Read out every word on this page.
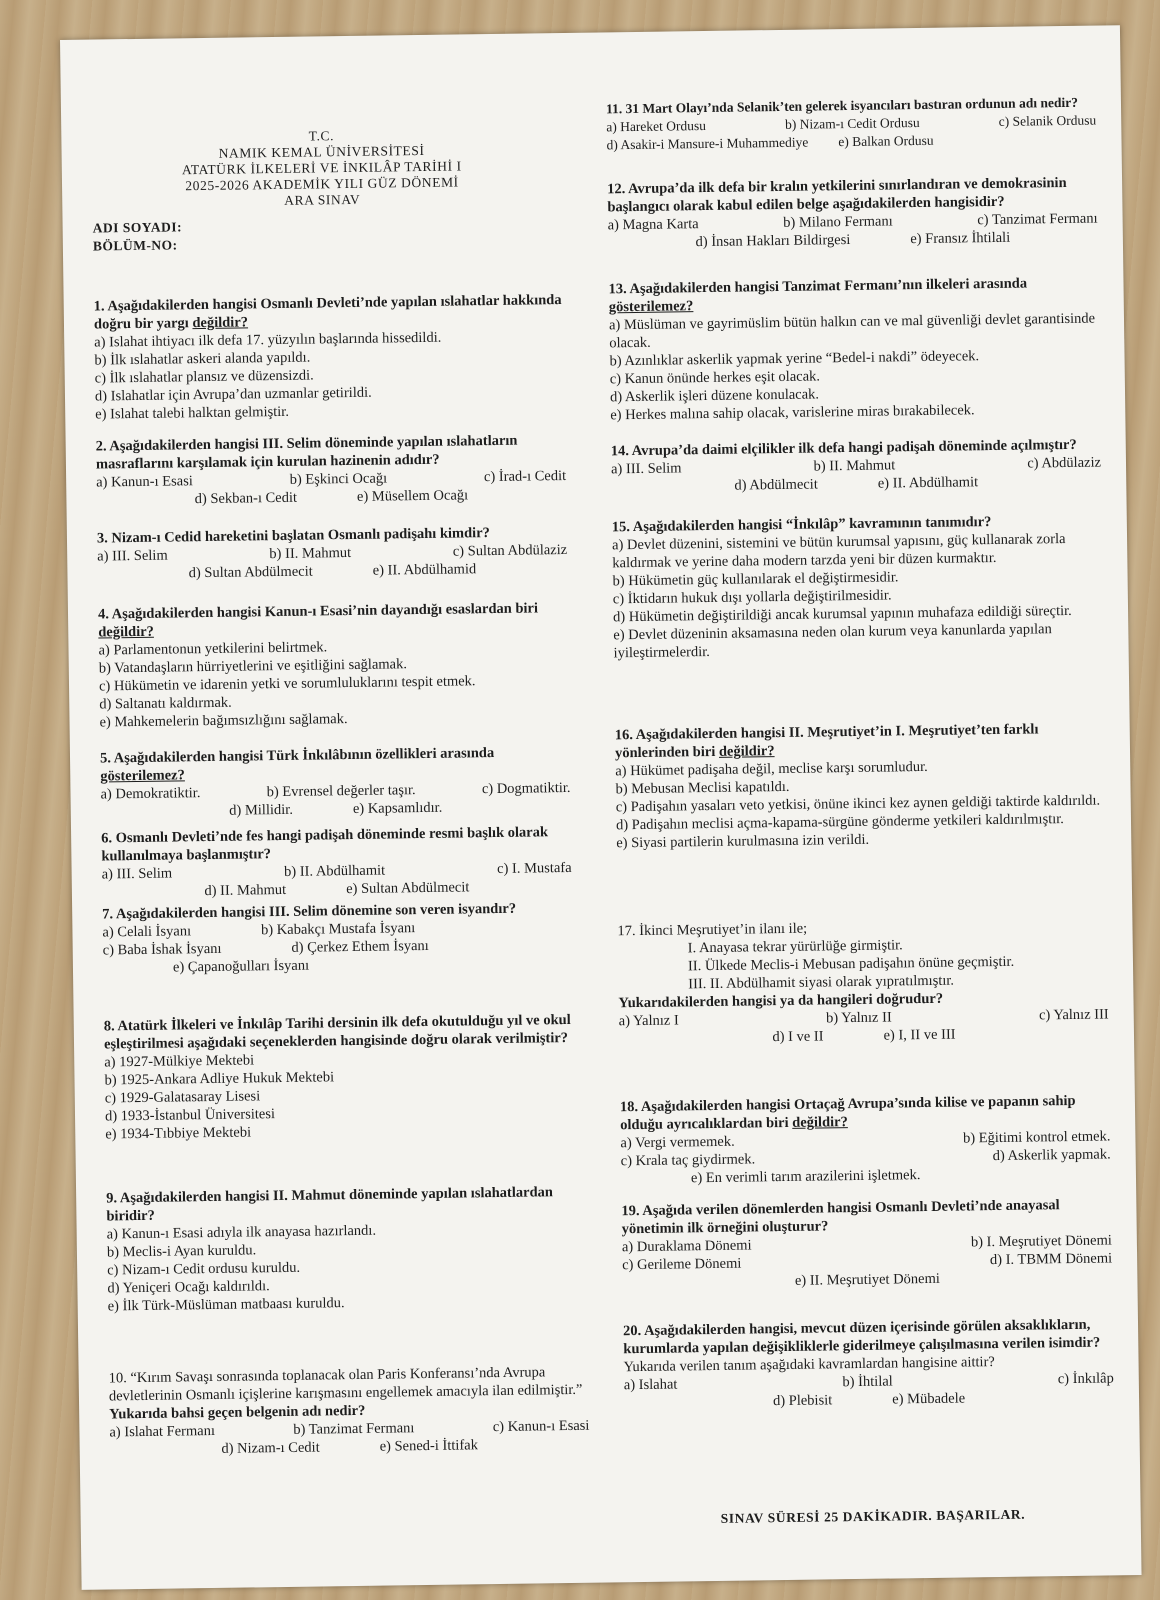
T.C.
NAMIK KEMAL ÜNİVERSİTESİ
ATATÜRK İLKELERİ VE İNKILÂP TARİHİ I
2025-2026 AKADEMİK YILI GÜZ DÖNEMİ
ARA SINAV
ADI SOYADI:
BÖLÜM-NO:
1. Aşağıdakilerden hangisi Osmanlı Devleti’nde yapılan ıslahatlar hakkında doğru bir yargı değildir?
a) Islahat ihtiyacı ilk defa 17. yüzyılın başlarında hissedildi.
b) İlk ıslahatlar askeri alanda yapıldı.
c) İlk ıslahatlar plansız ve düzensizdi.
d) Islahatlar için Avrupa’dan uzmanlar getirildi.
e) Islahat talebi halktan gelmiştir.
2. Aşağıdakilerden hangisi III. Selim döneminde yapılan ıslahatların masraflarını karşılamak için kurulan hazinenin adıdır?
a) Kanun-ı Esasi	b) Eşkinci Ocağı	c) İrad-ı Cedit
d) Sekban-ı Cedit	e) Müsellem Ocağı
3. Nizam-ı Cedid hareketini başlatan Osmanlı padişahı kimdir?
a) III. Selim	b) II. Mahmut	c) Sultan Abdülaziz
d) Sultan Abdülmecit	e) II. Abdülhamid
4. Aşağıdakilerden hangisi Kanun-ı Esasi’nin dayandığı esaslardan biri değildir?
a) Parlamentonun yetkilerini belirtmek.
b) Vatandaşların hürriyetlerini ve eşitliğini sağlamak.
c) Hükümetin ve idarenin yetki ve sorumluluklarını tespit etmek.
d) Saltanatı kaldırmak.
e) Mahkemelerin bağımsızlığını sağlamak.
5. Aşağıdakilerden hangisi Türk İnkılâbının özellikleri arasında gösterilemez?
a) Demokratiktir.	b) Evrensel değerler taşır.	c) Dogmatiktir.
d) Millidir.	e) Kapsamlıdır.
6. Osmanlı Devleti’nde fes hangi padişah döneminde resmi başlık olarak kullanılmaya başlanmıştır?
a) III. Selim	b) II. Abdülhamit	c) I. Mustafa
d) II. Mahmut	e) Sultan Abdülmecit
7. Aşağıdakilerden hangisi III. Selim dönemine son veren isyandır?
a) Celali İsyanı	b) Kabakçı Mustafa İsyanı
c) Baba İshak İsyanı	d) Çerkez Ethem İsyanı
e) Çapanoğulları İsyanı
8. Atatürk İlkeleri ve İnkılâp Tarihi dersinin ilk defa okutulduğu yıl ve okul eşleştirilmesi aşağıdaki seçeneklerden hangisinde doğru olarak verilmiştir?
a) 1927-Mülkiye Mektebi
b) 1925-Ankara Adliye Hukuk Mektebi
c) 1929-Galatasaray Lisesi
d) 1933-İstanbul Üniversitesi
e) 1934-Tıbbiye Mektebi
9. Aşağıdakilerden hangisi II. Mahmut döneminde yapılan ıslahatlardan biridir?
a) Kanun-ı Esasi adıyla ilk anayasa hazırlandı.
b) Meclis-i Ayan kuruldu.
c) Nizam-ı Cedit ordusu kuruldu.
d) Yeniçeri Ocağı kaldırıldı.
e) İlk Türk-Müslüman matbaası kuruldu.
10. “Kırım Savaşı sonrasında toplanacak olan Paris Konferansı’nda Avrupa devletlerinin Osmanlı içişlerine karışmasını engellemek amacıyla ilan edilmiştir.”
Yukarıda bahsi geçen belgenin adı nedir?
a) Islahat Fermanı	b) Tanzimat Fermanı	c) Kanun-ı Esasi
d) Nizam-ı Cedit	e) Sened-i İttifak
11. 31 Mart Olayı’nda Selanik’ten gelerek isyancıları bastıran ordunun adı nedir?
a) Hareket Ordusu	b) Nizam-ı Cedit Ordusu	c) Selanik Ordusu
d) Asakir-i Mansure-i Muhammediye e) Balkan Ordusu
12. Avrupa’da ilk defa bir kralın yetkilerini sınırlandıran ve demokrasinin başlangıcı olarak kabul edilen belge aşağıdakilerden hangisidir?
a) Magna Karta	b) Milano Fermanı	c) Tanzimat Fermanı
d) İnsan Hakları Bildirgesi	e) Fransız İhtilali
13. Aşağıdakilerden hangisi Tanzimat Fermanı’nın ilkeleri arasında gösterilemez?
a) Müslüman ve gayrimüslim bütün halkın can ve mal güvenliği devlet garantisinde olacak.
b) Azınlıklar askerlik yapmak yerine “Bedel-i nakdi” ödeyecek.
c) Kanun önünde herkes eşit olacak.
d) Askerlik işleri düzene konulacak.
e) Herkes malına sahip olacak, varislerine miras bırakabilecek.
14. Avrupa’da daimi elçilikler ilk defa hangi padişah döneminde açılmıştır?
a) III. Selim	b) II. Mahmut	c) Abdülaziz
d) Abdülmecit	e) II. Abdülhamit
15. Aşağıdakilerden hangisi “İnkılâp” kavramının tanımıdır?
a) Devlet düzenini, sistemini ve bütün kurumsal yapısını, güç kullanarak zorla kaldırmak ve yerine daha modern tarzda yeni bir düzen kurmaktır.
b) Hükümetin güç kullanılarak el değiştirmesidir.
c) İktidarın hukuk dışı yollarla değiştirilmesidir.
d) Hükümetin değiştirildiği ancak kurumsal yapının muhafaza edildiği süreçtir.
e) Devlet düzeninin aksamasına neden olan kurum veya kanunlarda yapılan iyileştirmelerdir.
16. Aşağıdakilerden hangisi II. Meşrutiyet’in I. Meşrutiyet’ten farklı yönlerinden biri değildir?
a) Hükümet padişaha değil, meclise karşı sorumludur.
b) Mebusan Meclisi kapatıldı.
c) Padişahın yasaları veto yetkisi, önüne ikinci kez aynen geldiği taktirde kaldırıldı.
d) Padişahın meclisi açma-kapama-sürgüne gönderme yetkileri kaldırılmıştır.
e) Siyasi partilerin kurulmasına izin verildi.
17. İkinci Meşrutiyet’in ilanı ile;
I. Anayasa tekrar yürürlüğe girmiştir.
II. Ülkede Meclis-i Mebusan padişahın önüne geçmiştir.
III. II. Abdülhamit siyasi olarak yıpratılmıştır.
Yukarıdakilerden hangisi ya da hangileri doğrudur?
a) Yalnız I	b) Yalnız II	c) Yalnız III
d) I ve II	e) I, II ve III
18. Aşağıdakilerden hangisi Ortaçağ Avrupa’sında kilise ve papanın sahip olduğu ayrıcalıklardan biri değildir?
a) Vergi vermemek.	b) Eğitimi kontrol etmek.
c) Krala taç giydirmek.	d) Askerlik yapmak.
e) En verimli tarım arazilerini işletmek.
19. Aşağıda verilen dönemlerden hangisi Osmanlı Devleti’nde anayasal yönetimin ilk örneğini oluşturur?
a) Duraklama Dönemi	b) I. Meşrutiyet Dönemi
c) Gerileme Dönemi	d) I. TBMM Dönemi
e) II. Meşrutiyet Dönemi
20. Aşağıdakilerden hangisi, mevcut düzen içerisinde görülen aksaklıkların, kurumlarda yapılan değişikliklerle giderilmeye çalışılmasına verilen isimdir?
Yukarıda verilen tanım aşağıdaki kavramlardan hangisine aittir?
a) Islahat	b) İhtilal	c) İnkılâp
d) Plebisit	e) Mübadele
SINAV SÜRESİ 25 DAKİKADIR. BAŞARILAR.
